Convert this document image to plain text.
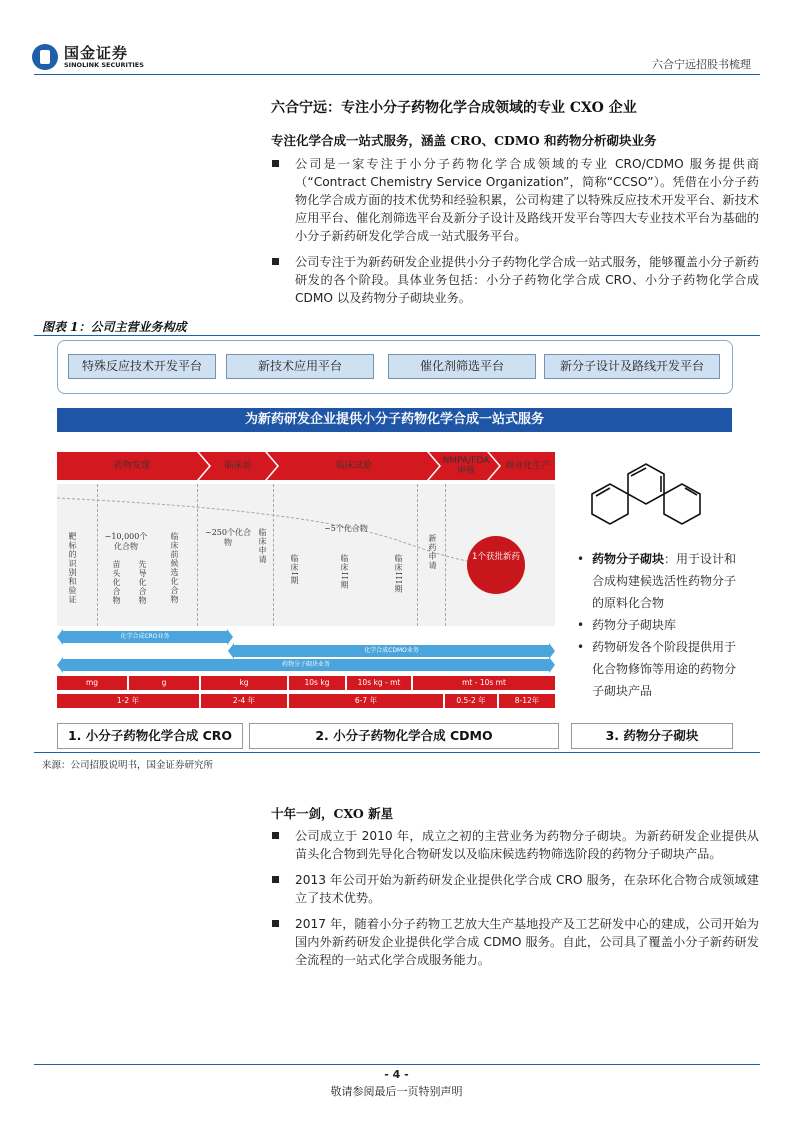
国金证券
SINOLINK SECURITIES	六合宁远招股书梳理
六合宁远：专注小分子药物化学合成领域的专业 CXO 企业
专注化学合成一站式服务，涵盖 CRO、CDMO 和药物分析砌块业务
公司是一家专注于小分子药物化学合成领域的专业 CRO/CDMO 服务提供商（“Contract Chemistry Service Organization”，简称“CCSO”）。凭借在小分子药物化学合成方面的技术优势和经验积累，公司构建了以特殊反应技术开发平台、新技术应用平台、催化剂筛选平台及新分子设计及路线开发平台等四大专业技术平台为基础的小分子新药研发化学合成一站式服务平台。
公司专注于为新药研发企业提供小分子药物化学合成一站式服务，能够覆盖小分子新药研发的各个阶段。具体业务包括：小分子药物化学合成 CRO、小分子药物化学合成 CDMO 以及药物分子砌块业务。
图表 1：公司主营业务构成
特殊反应技术开发平台	新技术应用平台	催化剂筛选平台	新分子设计及路线开发平台
为新药研发企业提供小分子药物化学合成一站式服务
药物发现	临床前	临床试验	NMPA/FDA 审核	商业化生产
靶标的识别和验证	~10,000个化合物
苗头化合物 先导化合物	临床前候选化合物	~250个化合物	临床申请
临床I期
~5个化合物
临床II期	临床III期
新药申请	1个获批新药
化学合成CRO业务
化学合成CDMO业务
药物分子砌块业务
mg	g	kg	10s kg	10s kg - mt	mt - 10s mt
1-2 年	2-4 年	6-7 年	0.5-2 年	8-12年
1. 小分子药物化学合成 CRO	2. 小分子药物化学合成 CDMO	3. 药物分子砌块
• 药物分子砌块：用于设计和合成构建候选活性药物分子的原料化合物
• 药物分子砌块库
• 药物研发各个阶段提供用于化合物修饰等用途的药物分子砌块产品
来源：公司招股说明书，国金证券研究所
十年一剑，CXO 新星
公司成立于 2010 年，成立之初的主营业务为药物分子砌块。为新药研发企业提供从苗头化合物到先导化合物研发以及临床候选药物筛选阶段的药物分子砌块产品。
2013 年公司开始为新药研发企业提供化学合成 CRO 服务，在杂环化合物合成领域建立了技术优势。
2017 年，随着小分子药物工艺放大生产基地投产及工艺研发中心的建成，公司开始为国内外新药研发企业提供化学合成 CDMO 服务。自此，公司具了覆盖小分子新药研发全流程的一站式化学合成服务能力。
- 4 -
敬请参阅最后一页特别声明
